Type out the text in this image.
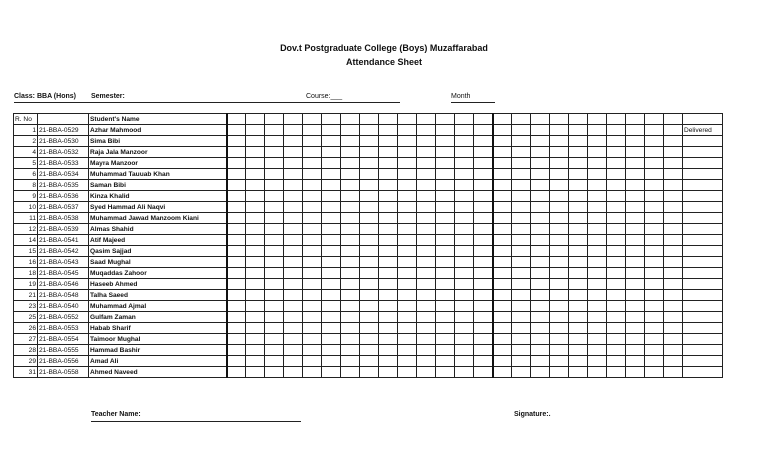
Dov.t Postgraduate College (Boys) Muzaffarabad
Attendance Sheet
Class: BBA (Hons) Semester:	Course:___	Month
R. No		Student's Name																									
1	21-BBA-0529	Azhar Mahmood																									Delivered
2	21-BBA-0530	Sima Bibi																									
4	21-BBA-0532	Raja Jala Manzoor																									
5	21-BBA-0533	Mayra Manzoor																									
6	21-BBA-0534	Muhammad Tauuab Khan																									
8	21-BBA-0535	Saman Bibi																									
9	21-BBA-0536	Kinza Khalid																									
10	21-BBA-0537	Syed Hammad Ali Naqvi																									
11	21-BBA-0538	Muhammad Jawad Manzoom Kiani																									
12	21-BBA-0539	Almas Shahid																									
14	21-BBA-0541	Atif Majeed																									
15	21-BBA-0542	Qasim Sajjad																									
16	21-BBA-0543	Saad Mughal																									
18	21-BBA-0545	Muqaddas Zahoor																									
19	21-BBA-0546	Haseeb Ahmed																									
21	21-BBA-0548	Talha Saeed																									
23	21-BBA-0540	Muhammad Ajmal																									
25	21-BBA-0552	Gulfam Zaman																									
26	21-BBA-0553	Habab Sharif																									
27	21-BBA-0554	Taimoor Mughal																									
28	21-BBA-0555	Hammad Bashir																									
29	21-BBA-0556	Amad Ali																									
31	21-BBA-0558	Ahmed Naveed																									
Teacher Name:	Signature:.
